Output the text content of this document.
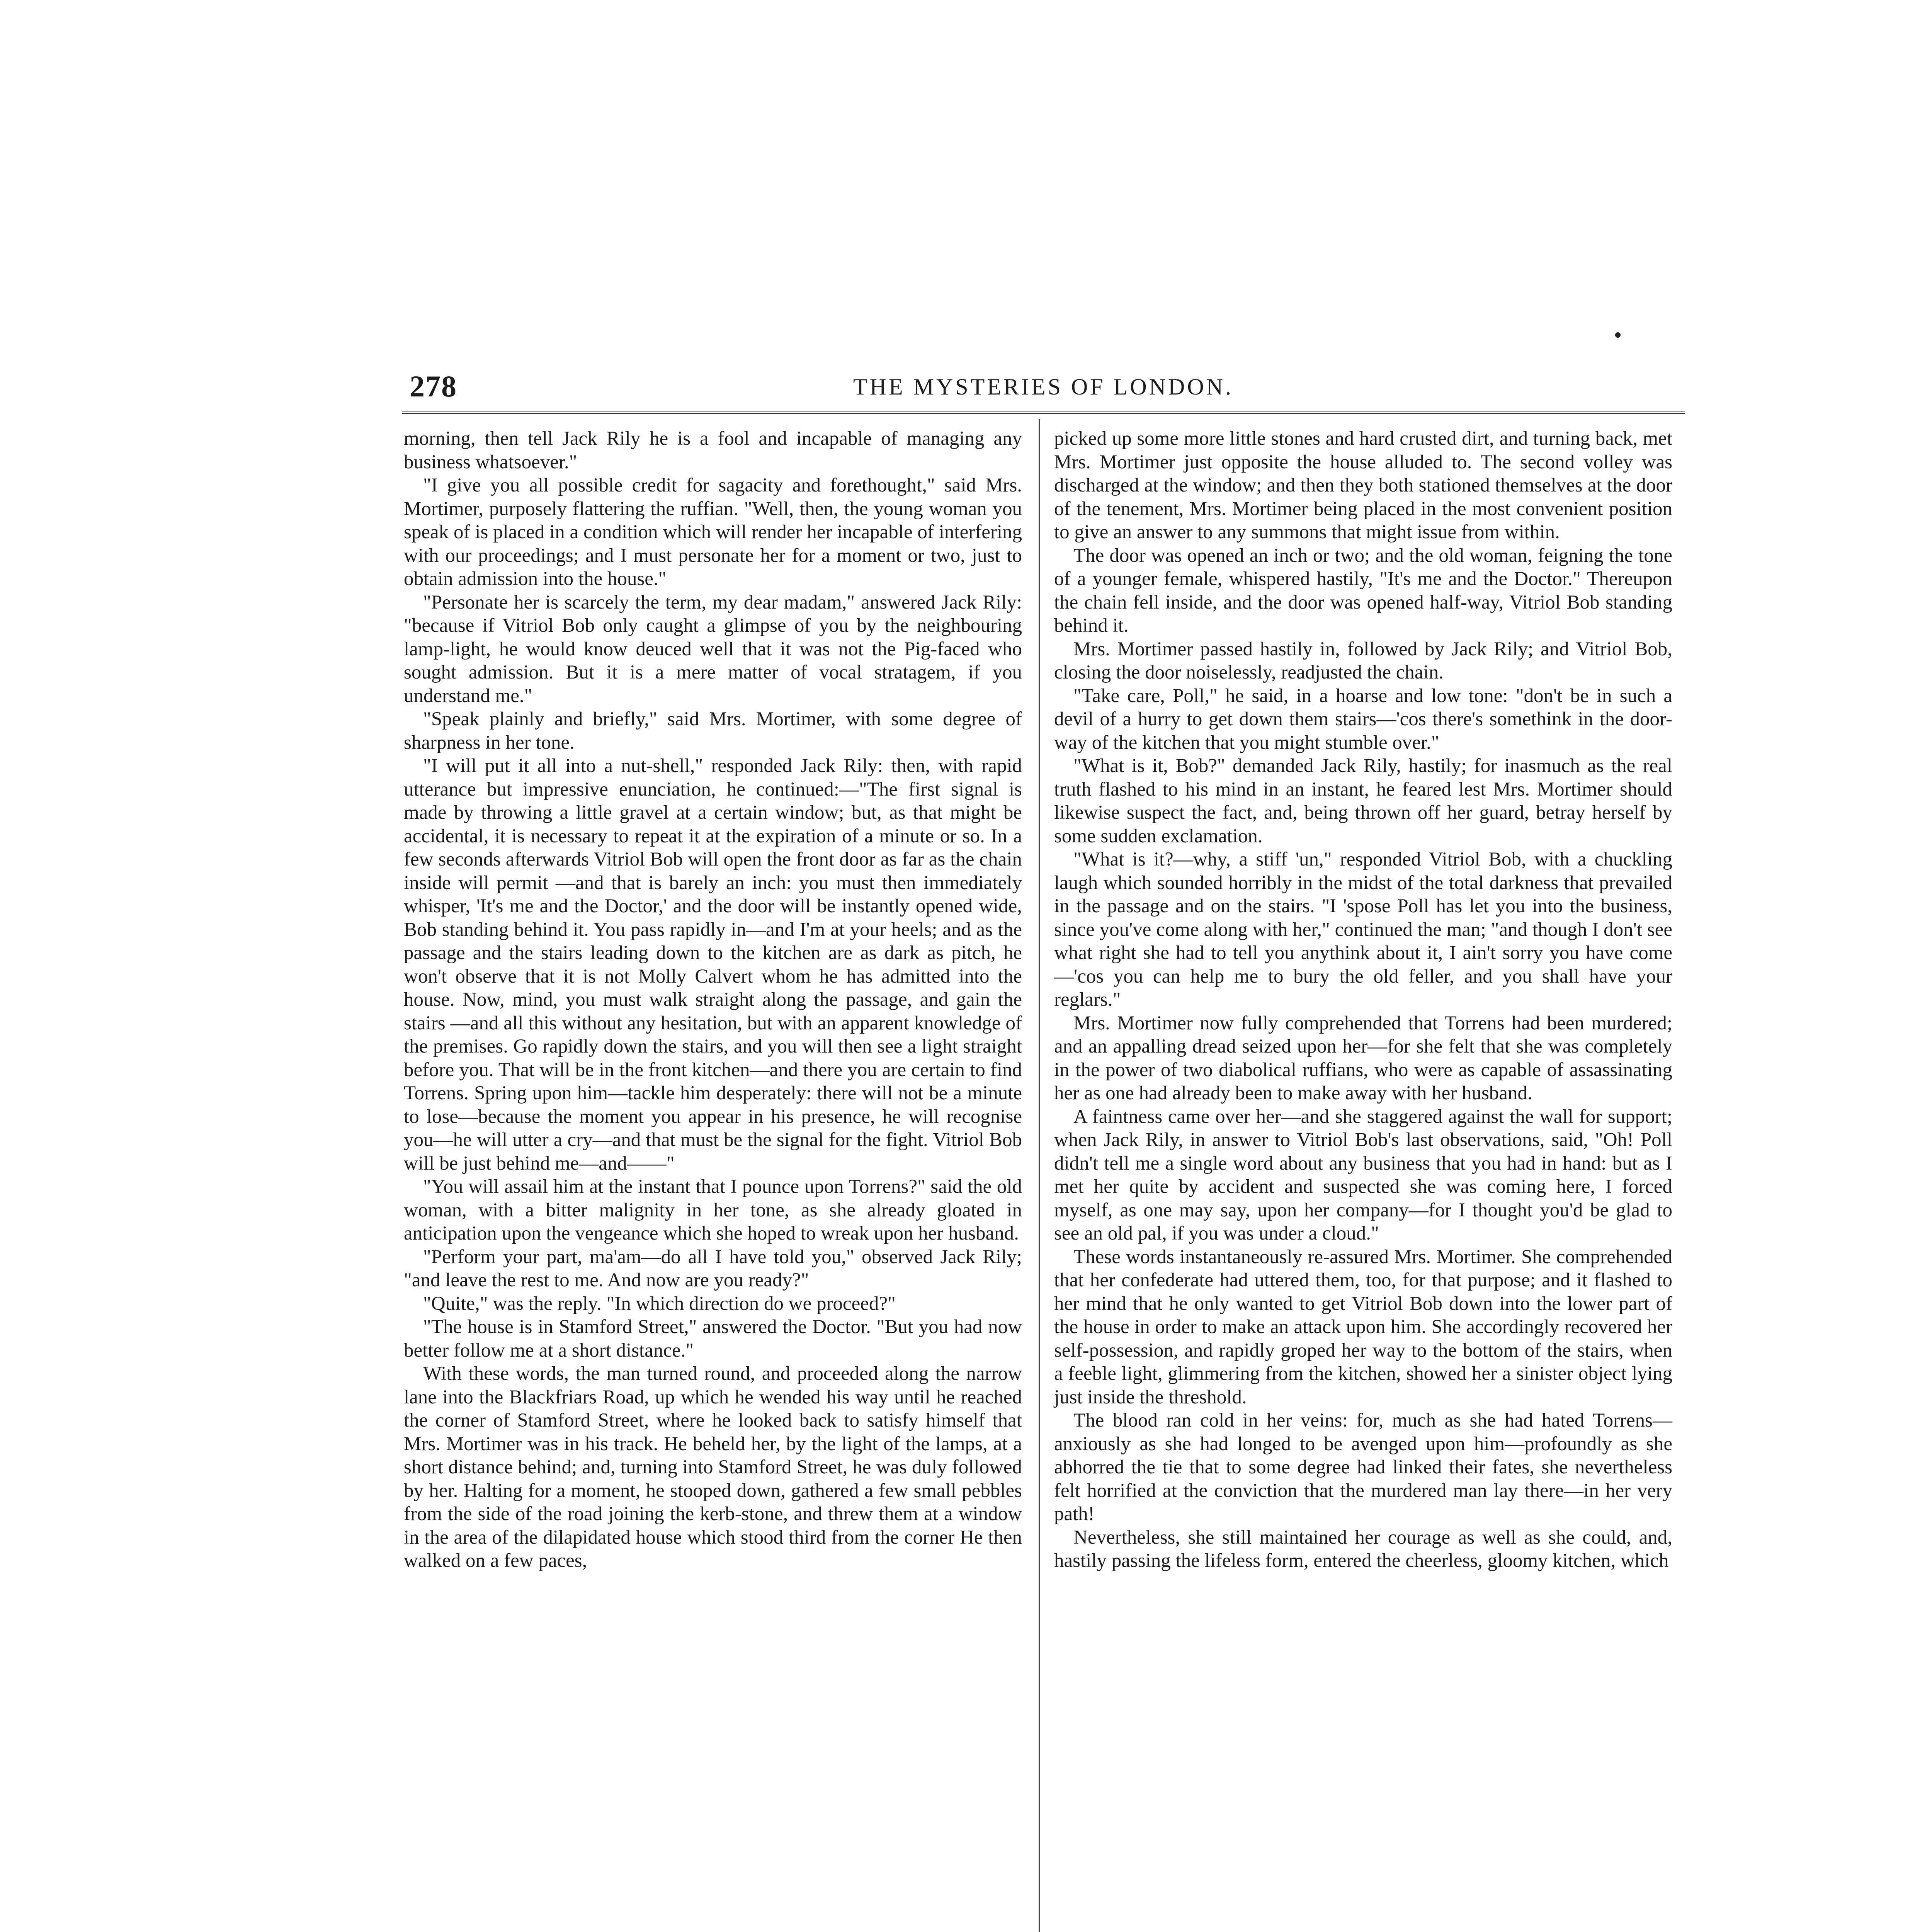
278	THE MYSTERIES OF LONDON.

morning, then tell Jack Rily he is a fool and incapable of managing any business whatsoever."

"I give you all possible credit for sagacity and forethought," said Mrs. Mortimer, purposely flattering the ruffian. "Well, then, the young woman you speak of is placed in a condition which will render her incapable of interfering with our proceedings; and I must personate her for a moment or two, just to obtain admission into the house."

"Personate her is scarcely the term, my dear madam," answered Jack Rily: "because if Vitriol Bob only caught a glimpse of you by the neighbouring lamp-light, he would know deuced well that it was not the Pig-faced who sought admission. But it is a mere matter of vocal stratagem, if you understand me."

"Speak plainly and briefly," said Mrs. Mortimer, with some degree of sharpness in her tone.

"I will put it all into a nut-shell," responded Jack Rily: then, with rapid utterance but impressive enunciation, he continued:—"The first signal is made by throwing a little gravel at a certain window; but, as that might be accidental, it is necessary to repeat it at the expiration of a minute or so. In a few seconds afterwards Vitriol Bob will open the front door as far as the chain inside will permit —and that is barely an inch: you must then immediately whisper, 'It's me and the Doctor,' and the door will be instantly opened wide, Bob standing behind it. You pass rapidly in—and I'm at your heels; and as the passage and the stairs leading down to the kitchen are as dark as pitch, he won't observe that it is not Molly Calvert whom he has admitted into the house. Now, mind, you must walk straight along the passage, and gain the stairs —and all this without any hesitation, but with an apparent knowledge of the premises. Go rapidly down the stairs, and you will then see a light straight before you. That will be in the front kitchen—and there you are certain to find Torrens. Spring upon him—tackle him desperately: there will not be a minute to lose—because the moment you appear in his presence, he will recognise you—he will utter a cry—and that must be the signal for the fight. Vitriol Bob will be just behind me—and——"

"You will assail him at the instant that I pounce upon Torrens?" said the old woman, with a bitter malignity in her tone, as she already gloated in anticipation upon the vengeance which she hoped to wreak upon her husband.

"Perform your part, ma'am—do all I have told you," observed Jack Rily; "and leave the rest to me. And now are you ready?"

"Quite," was the reply. "In which direction do we proceed?"

"The house is in Stamford Street," answered the Doctor. "But you had now better follow me at a short distance."

With these words, the man turned round, and proceeded along the narrow lane into the Blackfriars Road, up which he wended his way until he reached the corner of Stamford Street, where he looked back to satisfy himself that Mrs. Mortimer was in his track. He beheld her, by the light of the lamps, at a short distance behind; and, turning into Stamford Street, he was duly followed by her. Halting for a moment, he stooped down, gathered a few small pebbles from the side of the road joining the kerb-stone, and threw them at a window in the area of the dilapidated house which stood third from the corner He then walked on a few paces,

picked up some more little stones and hard crusted dirt, and turning back, met Mrs. Mortimer just opposite the house alluded to. The second volley was discharged at the window; and then they both stationed themselves at the door of the tenement, Mrs. Mortimer being placed in the most convenient position to give an answer to any summons that might issue from within.

The door was opened an inch or two; and the old woman, feigning the tone of a younger female, whispered hastily, "It's me and the Doctor." Thereupon the chain fell inside, and the door was opened half-way, Vitriol Bob standing behind it.

Mrs. Mortimer passed hastily in, followed by Jack Rily; and Vitriol Bob, closing the door noiselessly, readjusted the chain.

"Take care, Poll," he said, in a hoarse and low tone: "don't be in such a devil of a hurry to get down them stairs—'cos there's somethink in the door-way of the kitchen that you might stumble over."

"What is it, Bob?" demanded Jack Rily, hastily; for inasmuch as the real truth flashed to his mind in an instant, he feared lest Mrs. Mortimer should likewise suspect the fact, and, being thrown off her guard, betray herself by some sudden exclamation.

"What is it?—why, a stiff 'un," responded Vitriol Bob, with a chuckling laugh which sounded horribly in the midst of the total darkness that prevailed in the passage and on the stairs. "I 'spose Poll has let you into the business, since you've come along with her," continued the man; "and though I don't see what right she had to tell you anythink about it, I ain't sorry you have come—'cos you can help me to bury the old feller, and you shall have your reglars."

Mrs. Mortimer now fully comprehended that Torrens had been murdered; and an appalling dread seized upon her—for she felt that she was completely in the power of two diabolical ruffians, who were as capable of assassinating her as one had already been to make away with her husband.

A faintness came over her—and she staggered against the wall for support; when Jack Rily, in answer to Vitriol Bob's last observations, said, "Oh! Poll didn't tell me a single word about any business that you had in hand: but as I met her quite by accident and suspected she was coming here, I forced myself, as one may say, upon her company—for I thought you'd be glad to see an old pal, if you was under a cloud."

These words instantaneously re-assured Mrs. Mortimer. She comprehended that her confederate had uttered them, too, for that purpose; and it flashed to her mind that he only wanted to get Vitriol Bob down into the lower part of the house in order to make an attack upon him. She accordingly recovered her self-possession, and rapidly groped her way to the bottom of the stairs, when a feeble light, glimmering from the kitchen, showed her a sinister object lying just inside the threshold.

The blood ran cold in her veins: for, much as she had hated Torrens—anxiously as she had longed to be avenged upon him—profoundly as she abhorred the tie that to some degree had linked their fates, she nevertheless felt horrified at the conviction that the murdered man lay there—in her very path!

Nevertheless, she still maintained her courage as well as she could, and, hastily passing the lifeless form, entered the cheerless, gloomy kitchen, which
